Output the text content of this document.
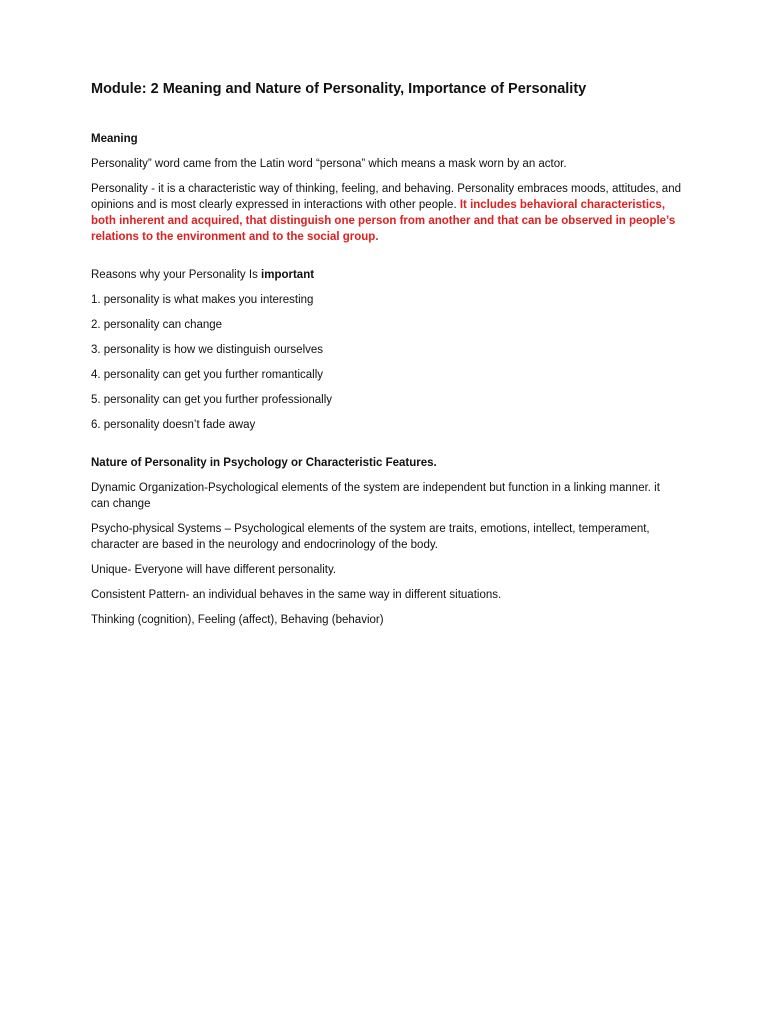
Module: 2 Meaning and Nature of Personality, Importance of Personality
Meaning
Personality” word came from the Latin word “persona” which means a mask worn by an actor.
Personality - it is a characteristic way of thinking, feeling, and behaving. Personality embraces moods, attitudes, and opinions and is most clearly expressed in interactions with other people. It includes behavioral characteristics, both inherent and acquired, that distinguish one person from another and that can be observed in people’s relations to the environment and to the social group.
Reasons why your Personality Is important
1. personality is what makes you interesting
2. personality can change
3. personality is how we distinguish ourselves
4. personality can get you further romantically
5. personality can get you further professionally
6. personality doesn’t fade away
Nature of Personality in Psychology or Characteristic Features.
Dynamic Organization-Psychological elements of the system are independent but function in a linking manner. it can change
Psycho-physical Systems – Psychological elements of the system are traits, emotions, intellect, temperament, character are based in the neurology and endocrinology of the body.
Unique- Everyone will have different personality.
Consistent Pattern- an individual behaves in the same way in different situations.
Thinking (cognition), Feeling (affect), Behaving (behavior)
